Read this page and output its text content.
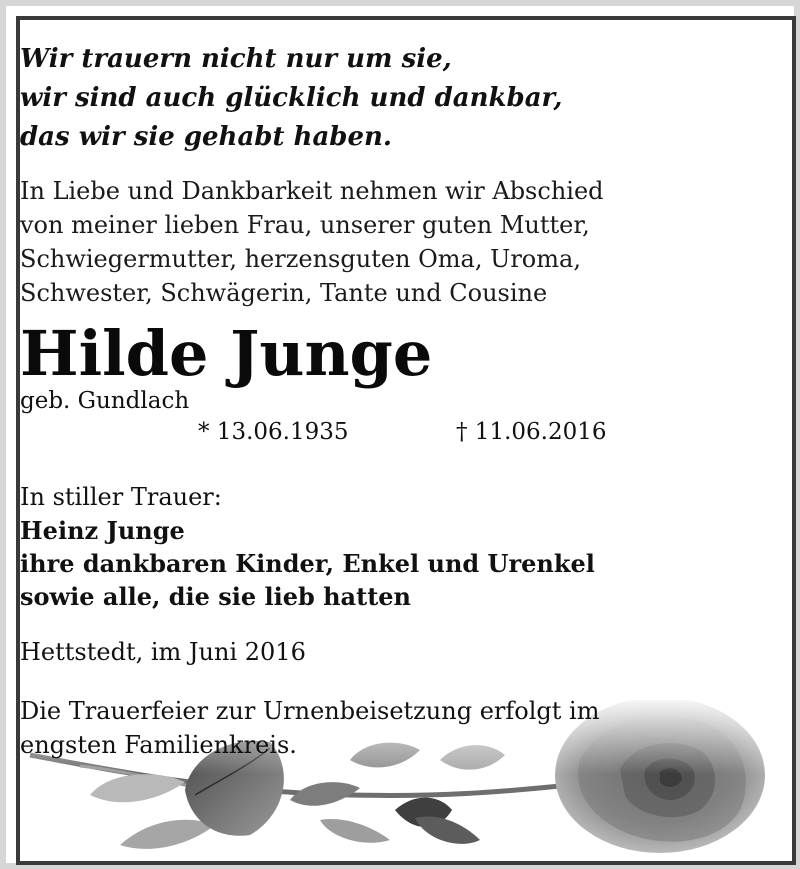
Wir trauern nicht nur um sie,
wir sind auch glücklich und dankbar,
das wir sie gehabt haben.
In Liebe und Dankbarkeit nehmen wir Abschied
von meiner lieben Frau, unserer guten Mutter,
Schwiegermutter, herzensguten Oma, Uroma,
Schwester, Schwägerin, Tante und Cousine
Hilde Junge
geb. Gundlach
* 13.06.1935	† 11.06.2016
In stiller Trauer:
Heinz Junge
ihre dankbaren Kinder, Enkel und Urenkel
sowie alle, die sie lieb hatten
Hettstedt, im Juni 2016
Die Trauerfeier zur Urnenbeisetzung erfolgt im
engsten Familienkreis.
